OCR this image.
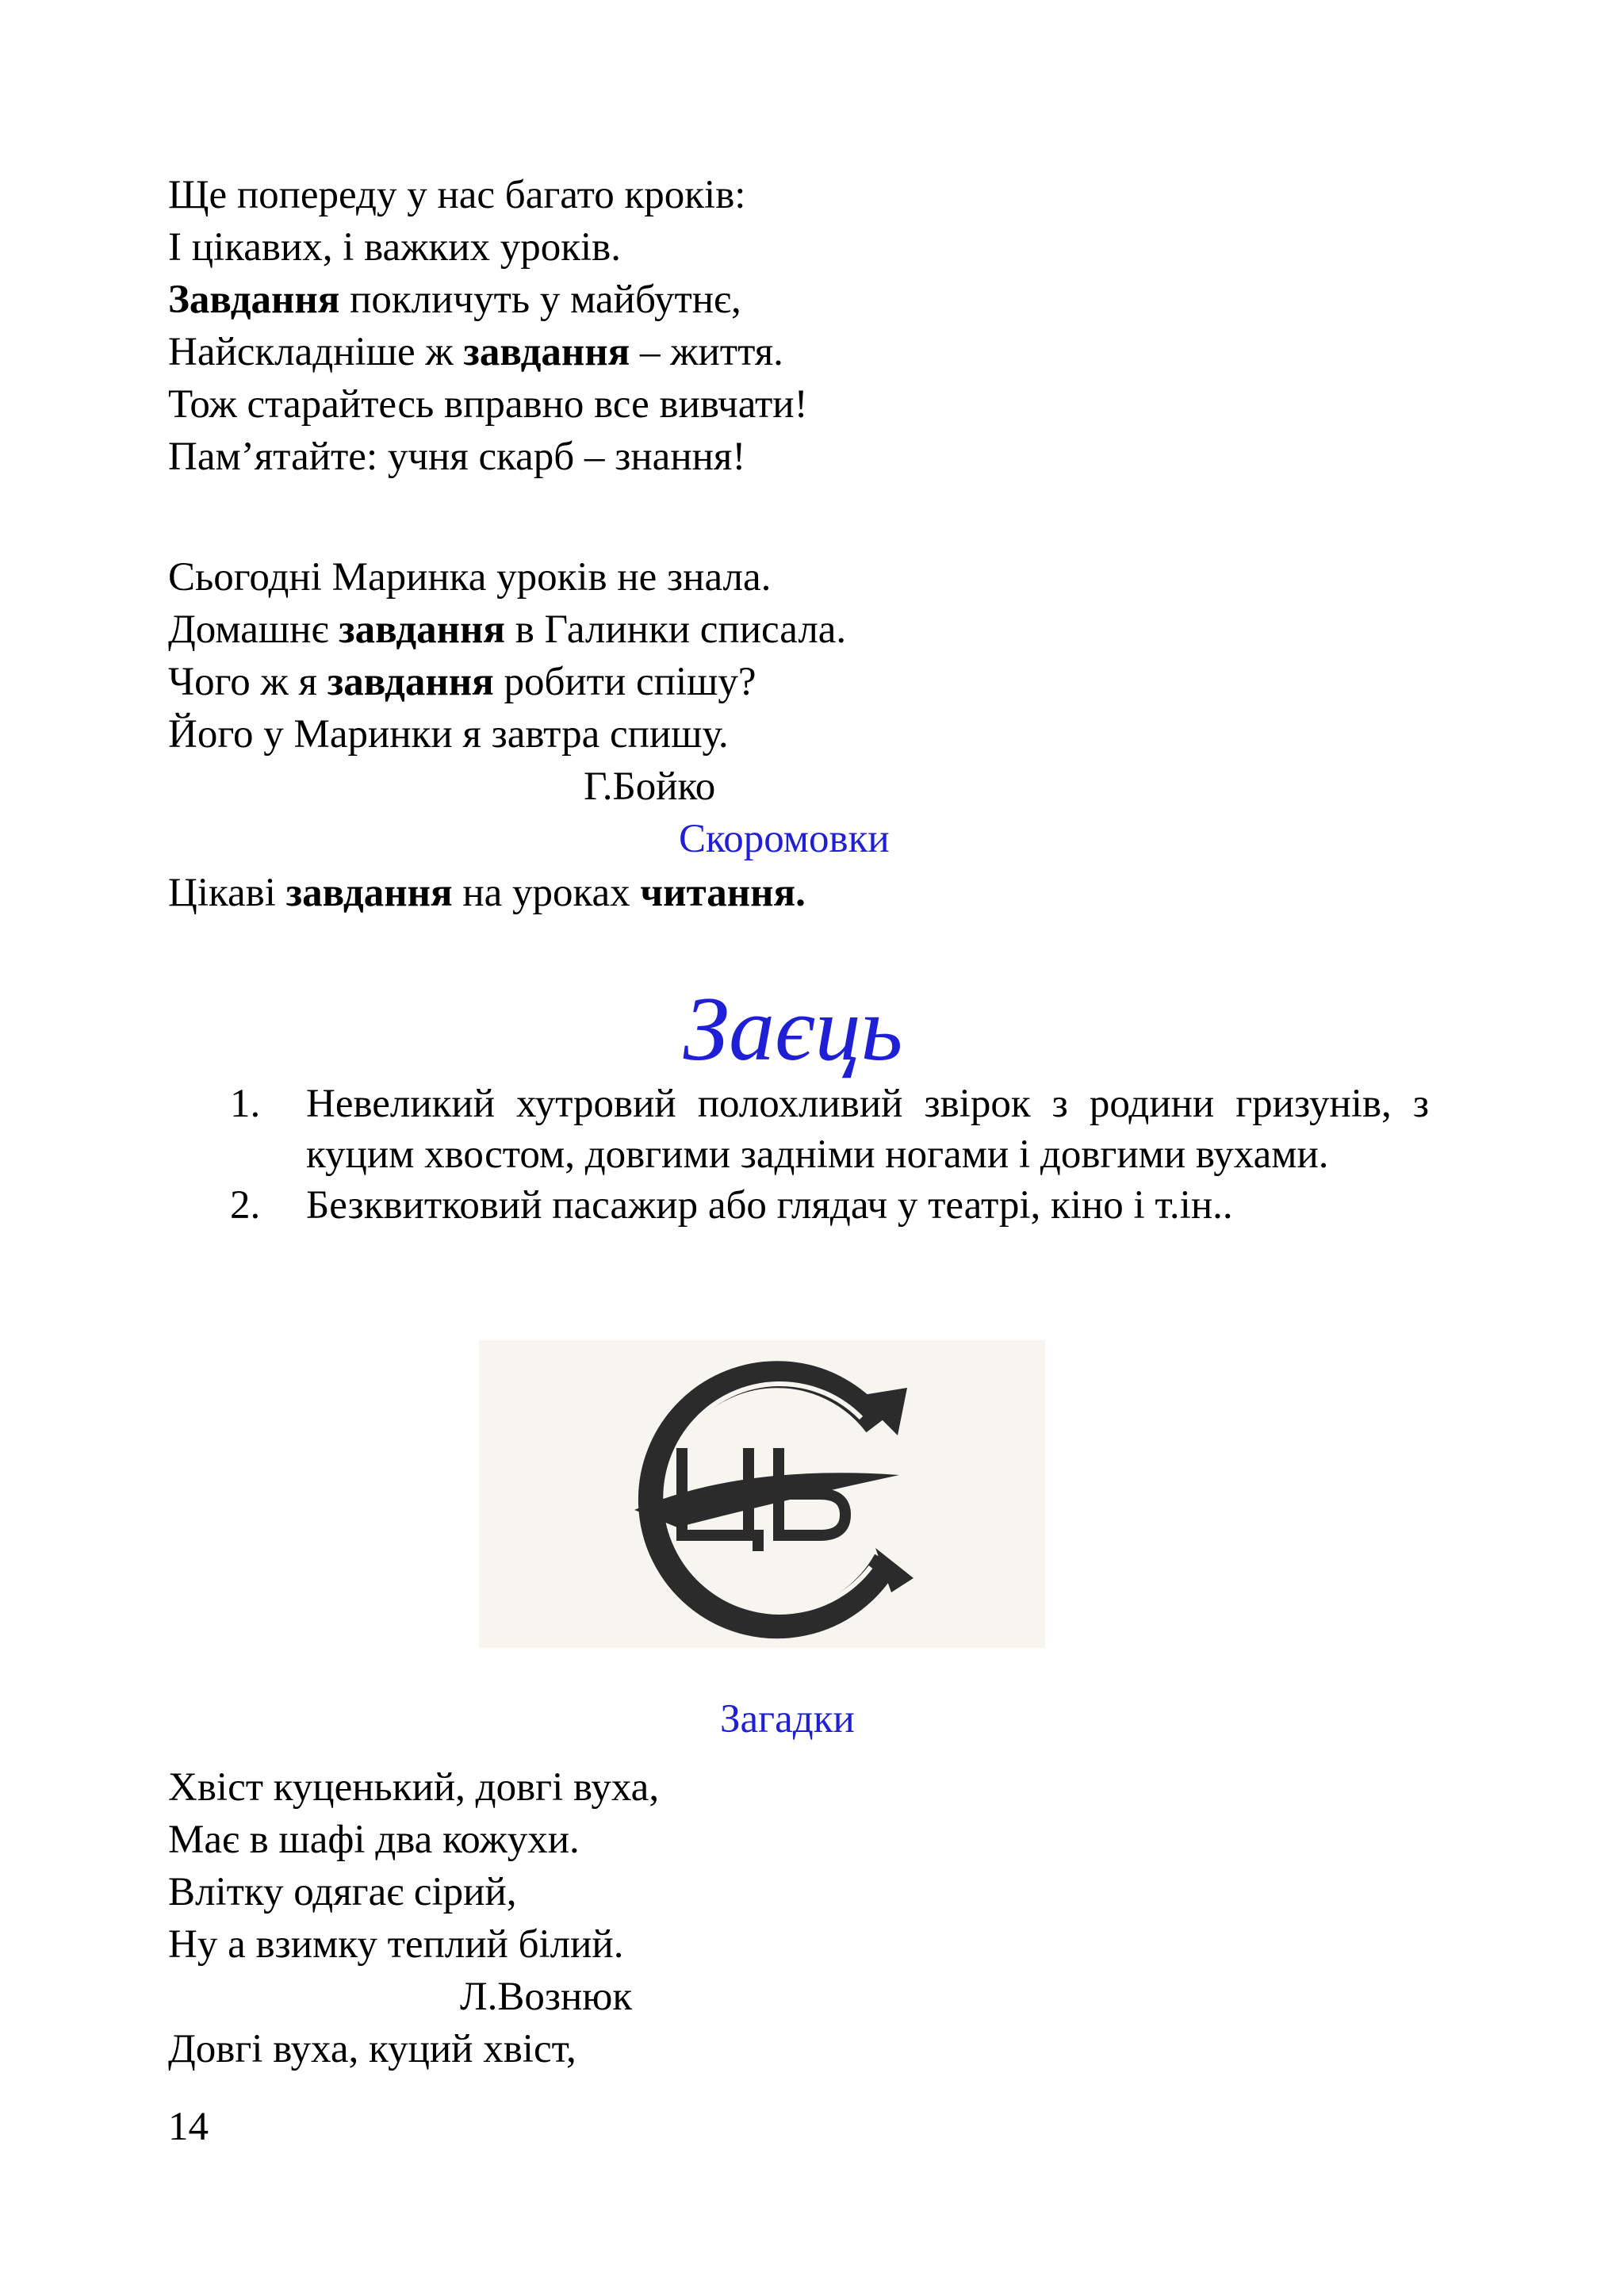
Ще попереду у нас багато кроків:
І цікавих, і важких уроків.
Завдання покличуть у майбутнє,
Найскладніше ж завдання – життя.
Тож старайтесь вправно все вивчати!
Пам’ятайте: учня скарб – знання!
Сьогодні Маринка уроків не знала.
Домашнє завдання в Галинки списала.
Чого ж я завдання робити спішу?
Його у Маринки я завтра спишу.
Г.Бойко
Скоромовки
Цікаві завдання на уроках читання.
Заєць
1. Невеликий хутровий полохливий звірок з родини гризунів, з куцим хвостом, довгими задніми ногами і довгими вухами.
2. Безквитковий пасажир або глядач у театрі, кіно і т.ін..
ЦЬ
Загадки
Хвіст куценький, довгі вуха,
Має в шафі два кожухи.
Влітку одягає сірий,
Ну а взимку теплий білий.
Л.Вознюк
Довгі вуха, куций хвіст,
14
